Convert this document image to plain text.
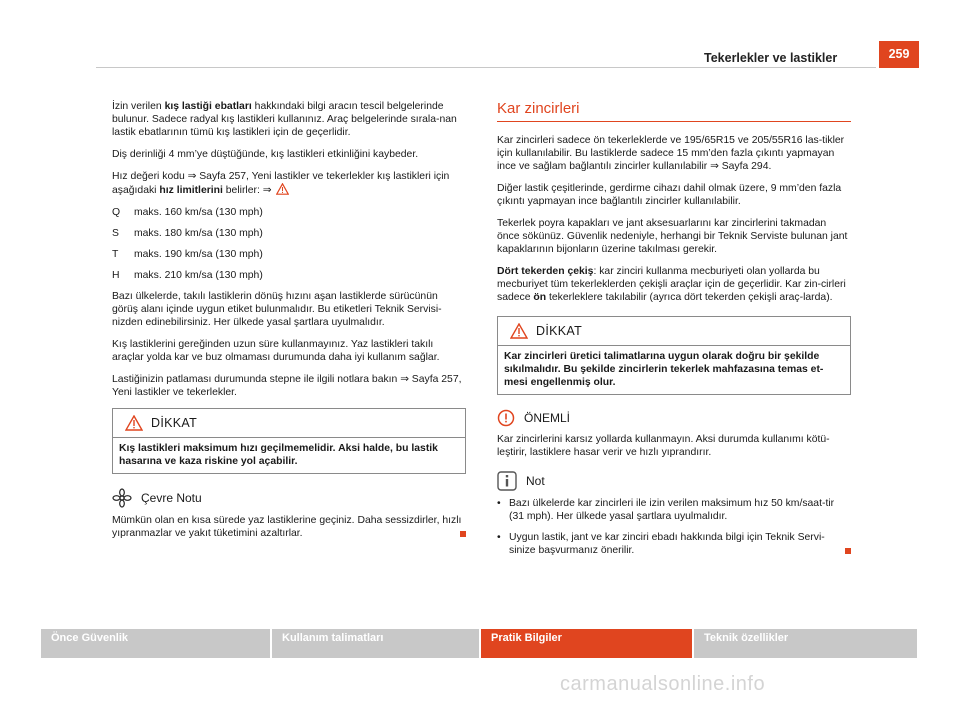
Tekerlekler ve lastikler	259

İzin verilen kış lastiği ebatları hakkındaki bilgi aracın tescil belgelerinde bulunur. Sadece radyal kış lastikleri kullanınız. Araç belgelerinde sırala-nan lastik ebatlarının tümü kış lastikleri için de geçerlidir.

Diş derinliği 4 mm’ye düştüğünde, kış lastikleri etkinliğini kaybeder.

Hız değeri kodu ⇒ Sayfa 257, Yeni lastikler ve tekerlekler kış lastikleri için aşağıdaki hız limitlerini belirler: ⇒

Q	maks. 160 km/sa (130 mph)
S	maks. 180 km/sa (130 mph)
T	maks. 190 km/sa (130 mph)
H	maks. 210 km/sa (130 mph)

Bazı ülkelerde, takılı lastiklerin dönüş hızını aşan lastiklerde sürücünün görüş alanı içinde uygun etiket bulunmalıdır. Bu etiketleri Teknik Servisi-nizden edinebilirsiniz. Her ülkede yasal şartlara uyulmalıdır.

Kış lastiklerini gereğinden uzun süre kullanmayınız. Yaz lastikleri takılı araçlar yolda kar ve buz olmaması durumunda daha iyi kullanım sağlar.

Lastiğinizin patlaması durumunda stepne ile ilgili notlara bakın ⇒ Sayfa 257, Yeni lastikler ve tekerlekler.

DİKKAT
Kış lastikleri maksimum hızı geçilmemelidir. Aksi halde, bu lastik hasarına ve kaza riskine yol açabilir.
Çevre Notu

Mümkün olan en kısa sürede yaz lastiklerine geçiniz. Daha sessizdirler, hızlı yıpranmazlar ve yakıt tüketimini azaltırlar.

Kar zincirleri

Kar zincirleri sadece ön tekerleklerde ve 195/65R15 ve 205/55R16 las-tikler için kullanılabilir. Bu lastiklerde sadece 15 mm’den fazla çıkıntı yapmayan ince ve sağlam bağlantılı zincirler kullanılabilir ⇒ Sayfa 294.

Diğer lastik çeşitlerinde, gerdirme cihazı dahil olmak üzere, 9 mm’den fazla çıkıntı yapmayan ince bağlantılı zincirler kullanılabilir.

Tekerlek poyra kapakları ve jant aksesuarlarını kar zincirlerini takmadan önce sökünüz. Güvenlik nedeniyle, herhangi bir Teknik Serviste bulunan jant kapaklarının bijonların üzerine takılması gerekir.

Dört tekerden çekiş: kar zinciri kullanma mecburiyeti olan yollarda bu mecburiyet tüm tekerleklerden çekişli araçlar için de geçerlidir. Kar zin-cirleri sadece ön tekerleklere takılabilir (ayrıca dört tekerden çekişli araç-larda).

DİKKAT
Kar zincirleri üretici talimatlarına uygun olarak doğru bir şekilde sıkılmalıdır. Bu şekilde zincirlerin tekerlek mahfazasına temas et-mesi engellenmiş olur.
ÖNEMLİ

Kar zincirlerini karsız yollarda kullanmayın. Aksi durumda kullanımı kötü-leştirir, lastiklere hasar verir ve hızlı yıprandırır.

Not
• Bazı ülkelerde kar zincirleri ile izin verilen maksimum hız 50 km/saat-tir (31 mph). Her ülkede yasal şartlara uyulmalıdır.
• Uygun lastik, jant ve kar zinciri ebadı hakkında bilgi için Teknik Servi-sinize başvurmanız önerilir.
Önce Güvenlik	Kullanım talimatları	Pratik Bilgiler	Teknik özellikler
carmanualsonline.info
